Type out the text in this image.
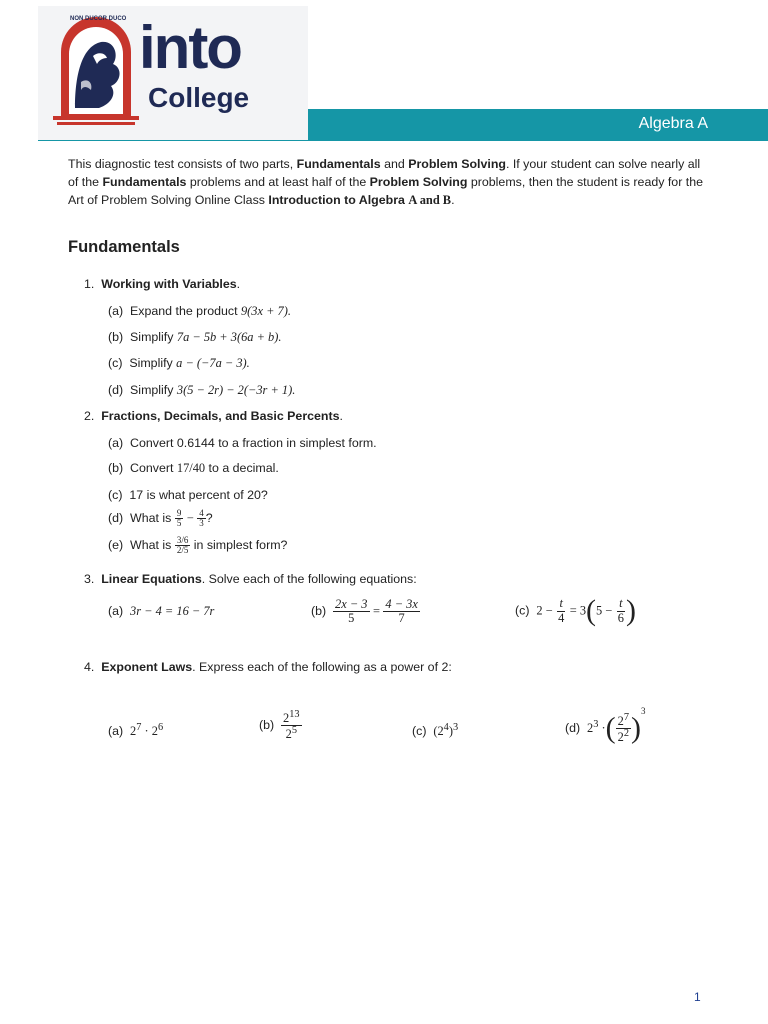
Algebra A
NON DUCOR DUCO into
College
This diagnostic test consists of two parts, Fundamentals and Problem Solving. If your student can solve nearly all of the Fundamentals problems and at least half of the Problem Solving problems, then the student is ready for the Art of Problem Solving Online Class Introduction to Algebra A and B.
Fundamentals
1. Working with Variables.
(a) Expand the product 9(3x + 7).
(b) Simplify 7a − 5b + 3(6a + b).
(c) Simplify a − (−7a − 3).
(d) Simplify 3(5 − 2r) − 2(−3r + 1).
2. Fractions, Decimals, and Basic Percents.
(a) Convert 0.6144 to a fraction in simplest form.
(b) Convert 17/40 to a decimal.
(c) 17 is what percent of 20?
(d) What is $\frac{9}{5} - \frac{4}{3}$ ?
(e) What is $\frac{3/6}{2/5}$ in simplest form?
3. Linear Equations. Solve each of the following equations:
(a) 3r − 4 = 16 − 7r	$(b) \frac{2x - 3}{5} = \frac{4 - 3x}{7}$	(c) $2 - \frac{t}{4} = 3(5 - \frac{t}{6}$ )
4. Exponent Laws. Express each of the following as a power of 2:
(a) $2^7 \cdot 2^6$	$(b) \frac{2^{13}}{2^5}$	(c) $(2^4)^3$	(d) $2^3$ ·( $\frac{2^7}{2^2} )^3$
1
